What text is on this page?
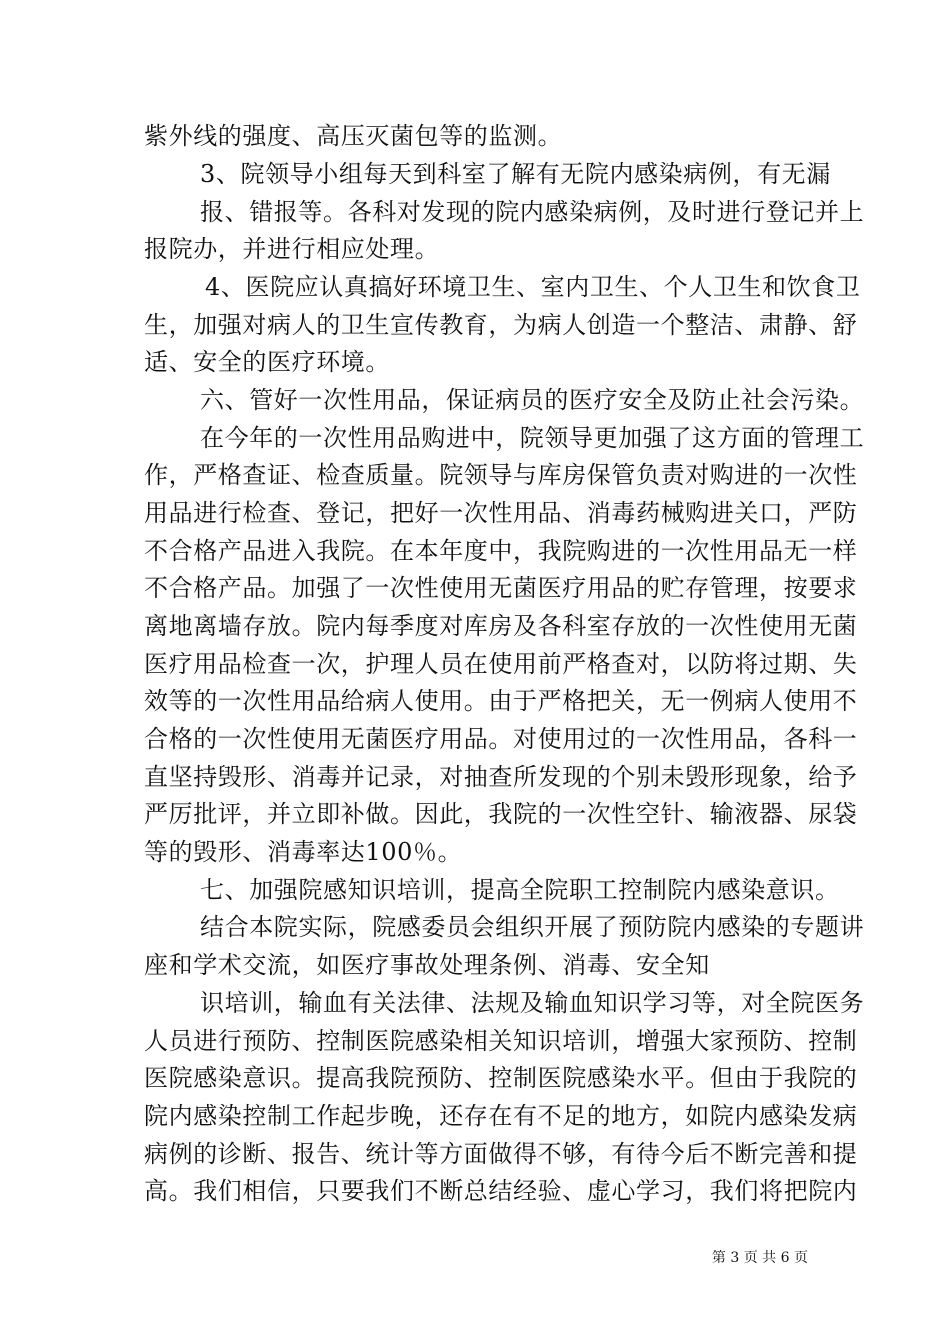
紫外线的强度、高压灭菌包等的监测。
3、院领导小组每天到科室了解有无院内感染病例，有无漏
报、错报等。各科对发现的院内感染病例，及时进行登记并上
报院办，并进行相应处理。
4、医院应认真搞好环境卫生、室内卫生、个人卫生和饮食卫
生，加强对病人的卫生宣传教育，为病人创造一个整洁、肃静、舒
适、安全的医疗环境。
六、管好一次性用品，保证病员的医疗安全及防止社会污染。
在今年的一次性用品购进中，院领导更加强了这方面的管理工
作，严格查证、检查质量。院领导与库房保管负责对购进的一次性
用品进行检查、登记，把好一次性用品、消毒药械购进关口，严防
不合格产品进入我院。在本年度中，我院购进的一次性用品无一样
不合格产品。加强了一次性使用无菌医疗用品的贮存管理，按要求
离地离墙存放。院内每季度对库房及各科室存放的一次性使用无菌
医疗用品检查一次，护理人员在使用前严格查对，以防将过期、失
效等的一次性用品给病人使用。由于严格把关，无一例病人使用不
合格的一次性使用无菌医疗用品。对使用过的一次性用品，各科一
直坚持毁形、消毒并记录，对抽查所发现的个别未毁形现象，给予
严厉批评，并立即补做。因此，我院的一次性空针、输液器、尿袋
等的毁形、消毒率达100％。
七、加强院感知识培训，提高全院职工控制院内感染意识。
结合本院实际，院感委员会组织开展了预防院内感染的专题讲
座和学术交流，如医疗事故处理条例、消毒、安全知
识培训，输血有关法律、法规及输血知识学习等，对全院医务
人员进行预防、控制医院感染相关知识培训，增强大家预防、控制
医院感染意识。提高我院预防、控制医院感染水平。但由于我院的
院内感染控制工作起步晚，还存在有不足的地方，如院内感染发病
病例的诊断、报告、统计等方面做得不够，有待今后不断完善和提
高。我们相信，只要我们不断总结经验、虚心学习，我们将把院内
第 3 页 共 6 页
